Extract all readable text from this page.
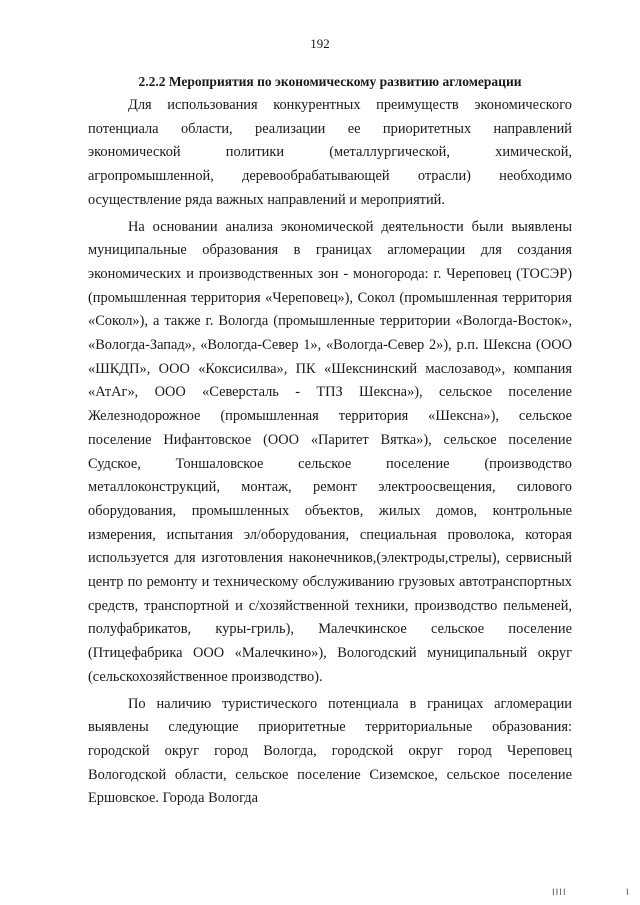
192
2.2.2 Мероприятия по экономическому развитию агломерации

Для использования конкурентных преимуществ экономического потенциала области, реализации ее приоритетных направлений экономической политики (металлургической, химической, агропромышленной, деревообрабатывающей отрасли) необходимо осуществление ряда важных направлений и мероприятий.

На основании анализа экономической деятельности были выявлены муниципальные образования в границах агломерации для создания экономических и производственных зон - моногорода: г. Череповец (ТОСЭР) (промышленная территория «Череповец»), Сокол (промышленная территория «Сокол»), а также г. Вологда (промышленные территории «Вологда-Восток», «Вологда-Запад», «Вологда-Север 1», «Вологда-Север 2»), р.п. Шексна (ООО «ШКДП», ООО «Коксисилва», ПК «Шекснинский маслозавод», компания «АтАг», ООО «Северсталь - ТПЗ Шексна»), сельское поселение Железнодорожное (промышленная территория «Шексна»), сельское поселение Нифантовское (ООО «Паритет Вятка»), сельское поселение Судское, Тоншаловское сельское поселение (производство металлоконструкций, монтаж, ремонт электроосвещения, силового оборудования, промышленных объектов, жилых домов, контрольные измерения, испытания эл/оборудования, специальная проволока, которая используется для изготовления наконечников,(электроды,стрелы), сервисный центр по ремонту и техническому обслуживанию грузовых автотранспортных средств, транспортной и с/хозяйственной техники, производство пельменей, полуфабрикатов, куры-гриль), Малечкинское сельское поселение (Птицефабрика ООО «Малечкино»), Вологодский муниципальный округ (сельскохозяйственное производство).

По наличию туристического потенциала в границах агломерации выявлены следующие приоритетные территориальные образования: городской округ город Вологда, городской округ город Череповец Вологодской области, сельское поселение Сиземское, сельское поселение Ершовское. Города Вологда

IIII	I
